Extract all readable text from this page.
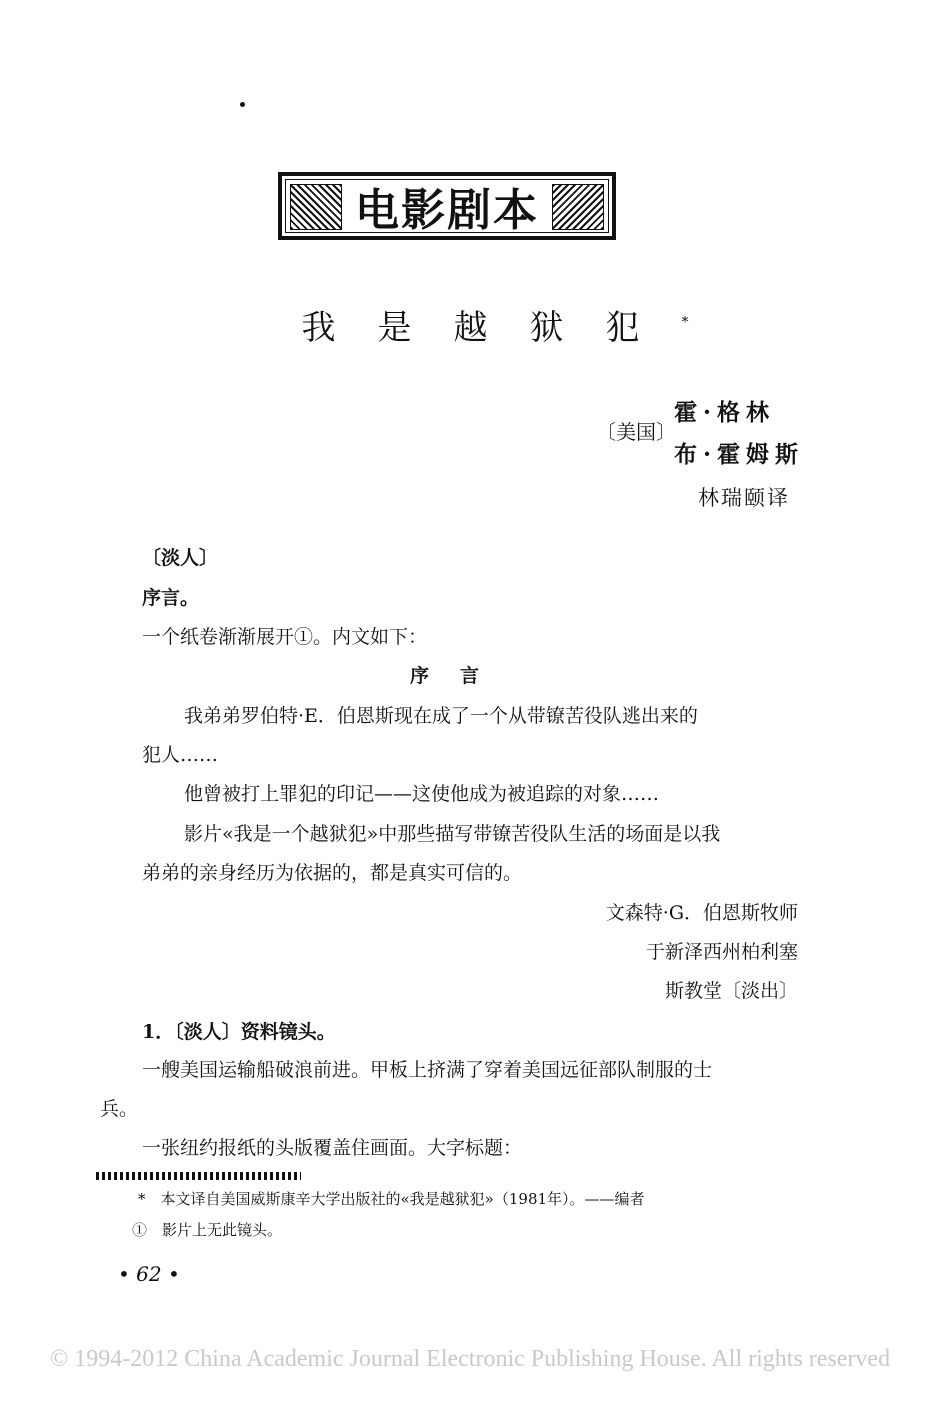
电影剧本
我是越狱犯*
〔美国〕
霍·格林
布·霍姆斯
林瑞颐译
〔淡人〕
序言。
一个纸卷渐渐展开①。内文如下：
序　言
我弟弟罗伯特·E．伯恩斯现在成了一个从带镣苦役队逃出来的
犯人……
他曾被打上罪犯的印记——这使他成为被追踪的对象……
影片«我是一个越狱犯»中那些描写带镣苦役队生活的场面是以我
弟弟的亲身经历为依据的，都是真实可信的。
文森特·G．伯恩斯牧师
于新泽西州柏利塞
斯教堂〔淡出〕
1．〔淡人〕资料镜头。
一艘美国运输船破浪前进。甲板上挤满了穿着美国远征部队制服的士
兵。
一张纽约报纸的头版覆盖住画面。大字标题：
*　本文译自美国威斯康辛大学出版社的«我是越狱犯»（1981年）。——编者
①　影片上无此镜头。
• 62 •
© 1994-2012 China Academic Journal Electronic Publishing House. All rights reserved
